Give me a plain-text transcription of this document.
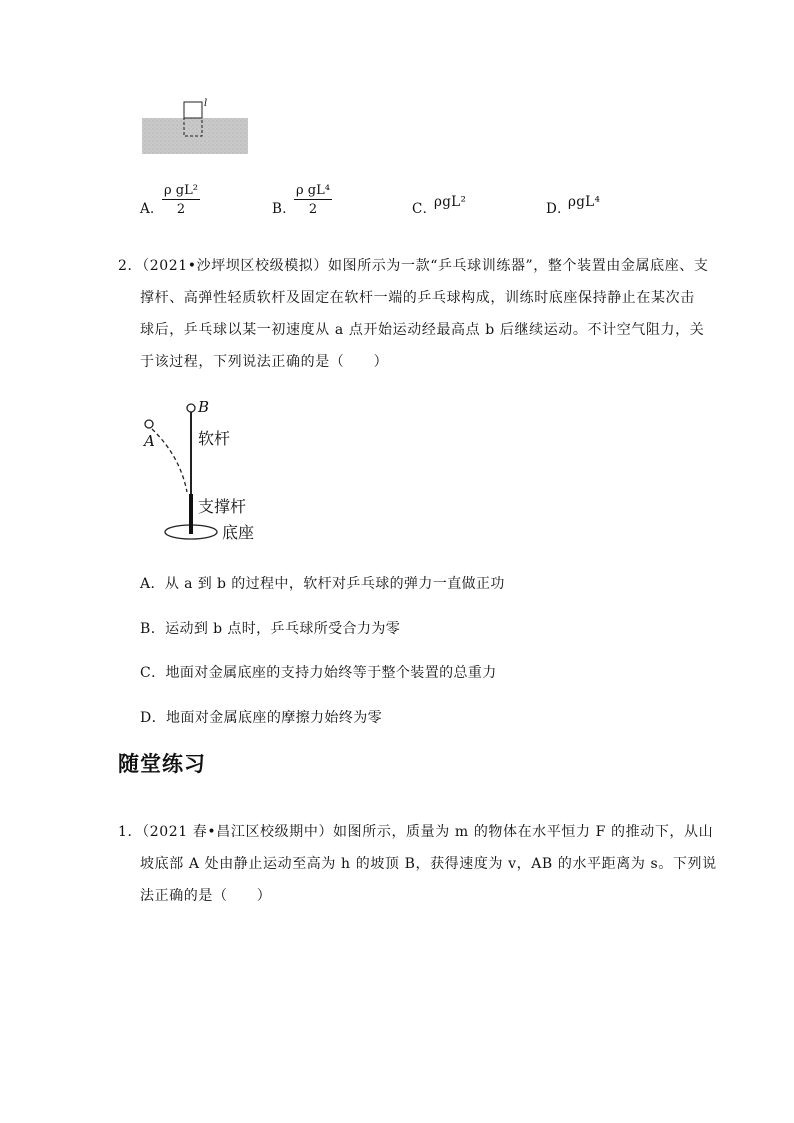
l
A．
$\frac{\text{ρ gL²}}{2}$	B．
$\frac{\text{ρ gL⁴}}{2}$	C．
ρgL²	D．
ρgL⁴
2．（2021•沙坪坝区校级模拟）如图所示为一款“乒乓球训练器”，整个装置由金属底座、支
撑杆、高弹性轻质软杆及固定在软杆一端的乒乓球构成，训练时底座保持静止在某次击
球后，乒乓球以某一初速度从 a 点开始运动经最高点 b 后继续运动。不计空气阻力，关
于该过程，下列说法正确的是（　　）
B
A	软杆
支撑杆
底座
A．从 a 到 b 的过程中，软杆对乒乓球的弹力一直做正功
B．运动到 b 点时，乒乓球所受合力为零
C．地面对金属底座的支持力始终等于整个装置的总重力
D．地面对金属底座的摩擦力始终为零
随堂练习
1．（2021 春•昌江区校级期中）如图所示，质量为 m 的物体在水平恒力 F 的推动下，从山
坡底部 A 处由静止运动至高为 h 的坡顶 B，获得速度为 v，AB 的水平距离为 s。下列说
法正确的是（　　）
